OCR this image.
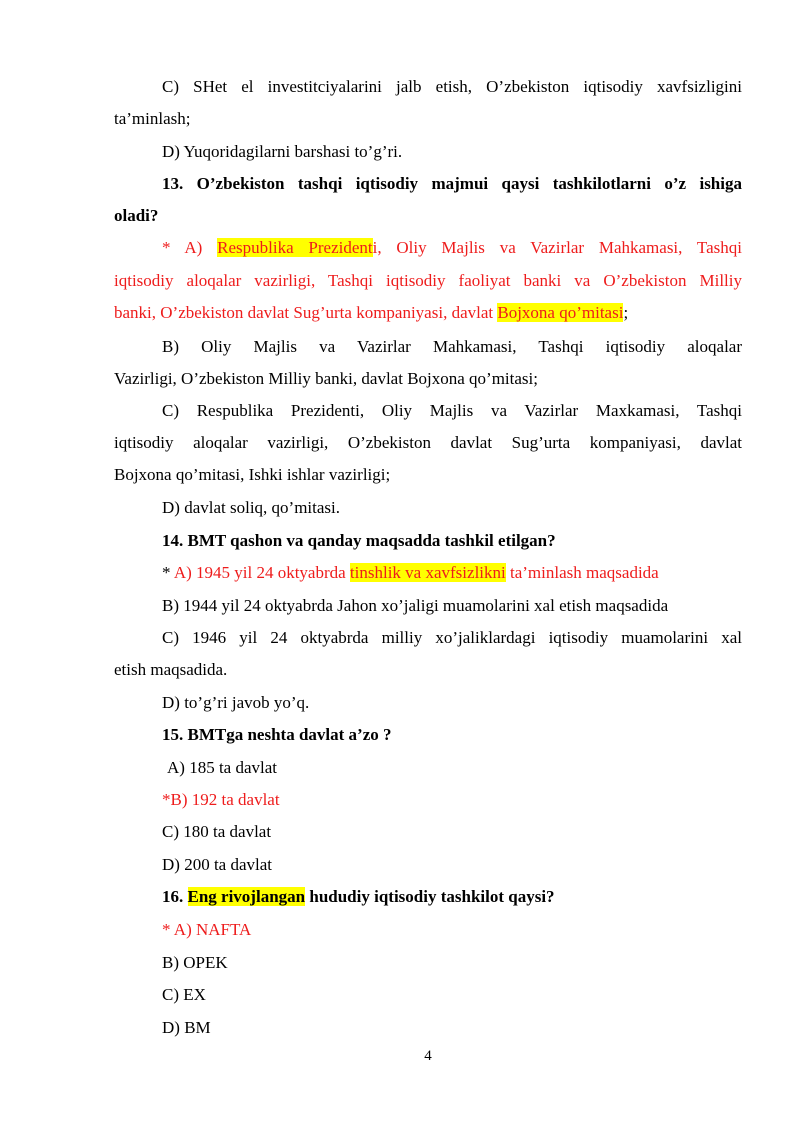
C) SHet el investitciyalarini jalb etish, O’zbekiston iqtisodiy xavfsizligini
ta’minlash;
D) Yuqoridagilarni barshasi to’g’ri.
13. O’zbekiston tashqi iqtisodiy majmui qaysi tashkilotlarni o’z ishiga
oladi?
* A) Respublika Prezidenti, Oliy Majlis va Vazirlar Mahkamasi, Tashqi
iqtisodiy aloqalar vazirligi, Tashqi iqtisodiy faoliyat banki va O’zbekiston Milliy
banki, O’zbekiston davlat Sug’urta kompaniyasi, davlat Bojxona qo’mitasi;
B) Oliy Majlis va Vazirlar Mahkamasi, Tashqi iqtisodiy aloqalar
Vazirligi, O’zbekiston Milliy banki, davlat Bojxona qo’mitasi;
C) Respublika Prezidenti, Oliy Majlis va Vazirlar Maxkamasi, Tashqi
iqtisodiy aloqalar vazirligi, O’zbekiston davlat Sug’urta kompaniyasi, davlat
Bojxona qo’mitasi, Ishki ishlar vazirligi;
D) davlat soliq, qo’mitasi.
14. BMT qashon va qanday maqsadda tashkil etilgan?
* A) 1945 yil 24 oktyabrda tinshlik va xavfsizlikni ta’minlash maqsadida
B) 1944 yil 24 oktyabrda Jahon xo’jaligi muamolarini xal etish maqsadida
C) 1946 yil 24 oktyabrda milliy xo’jaliklardagi iqtisodiy muamolarini xal
etish maqsadida.
D) to’g’ri javob yo’q.
15. BMTga neshta davlat a’zo ?
A) 185 ta davlat
*B) 192 ta davlat
C) 180 ta davlat
D) 200 ta davlat
16. Eng rivojlangan hududiy iqtisodiy tashkilot qaysi?
* A) NAFTA
B) OPEK
C) EX
D) BM
4
